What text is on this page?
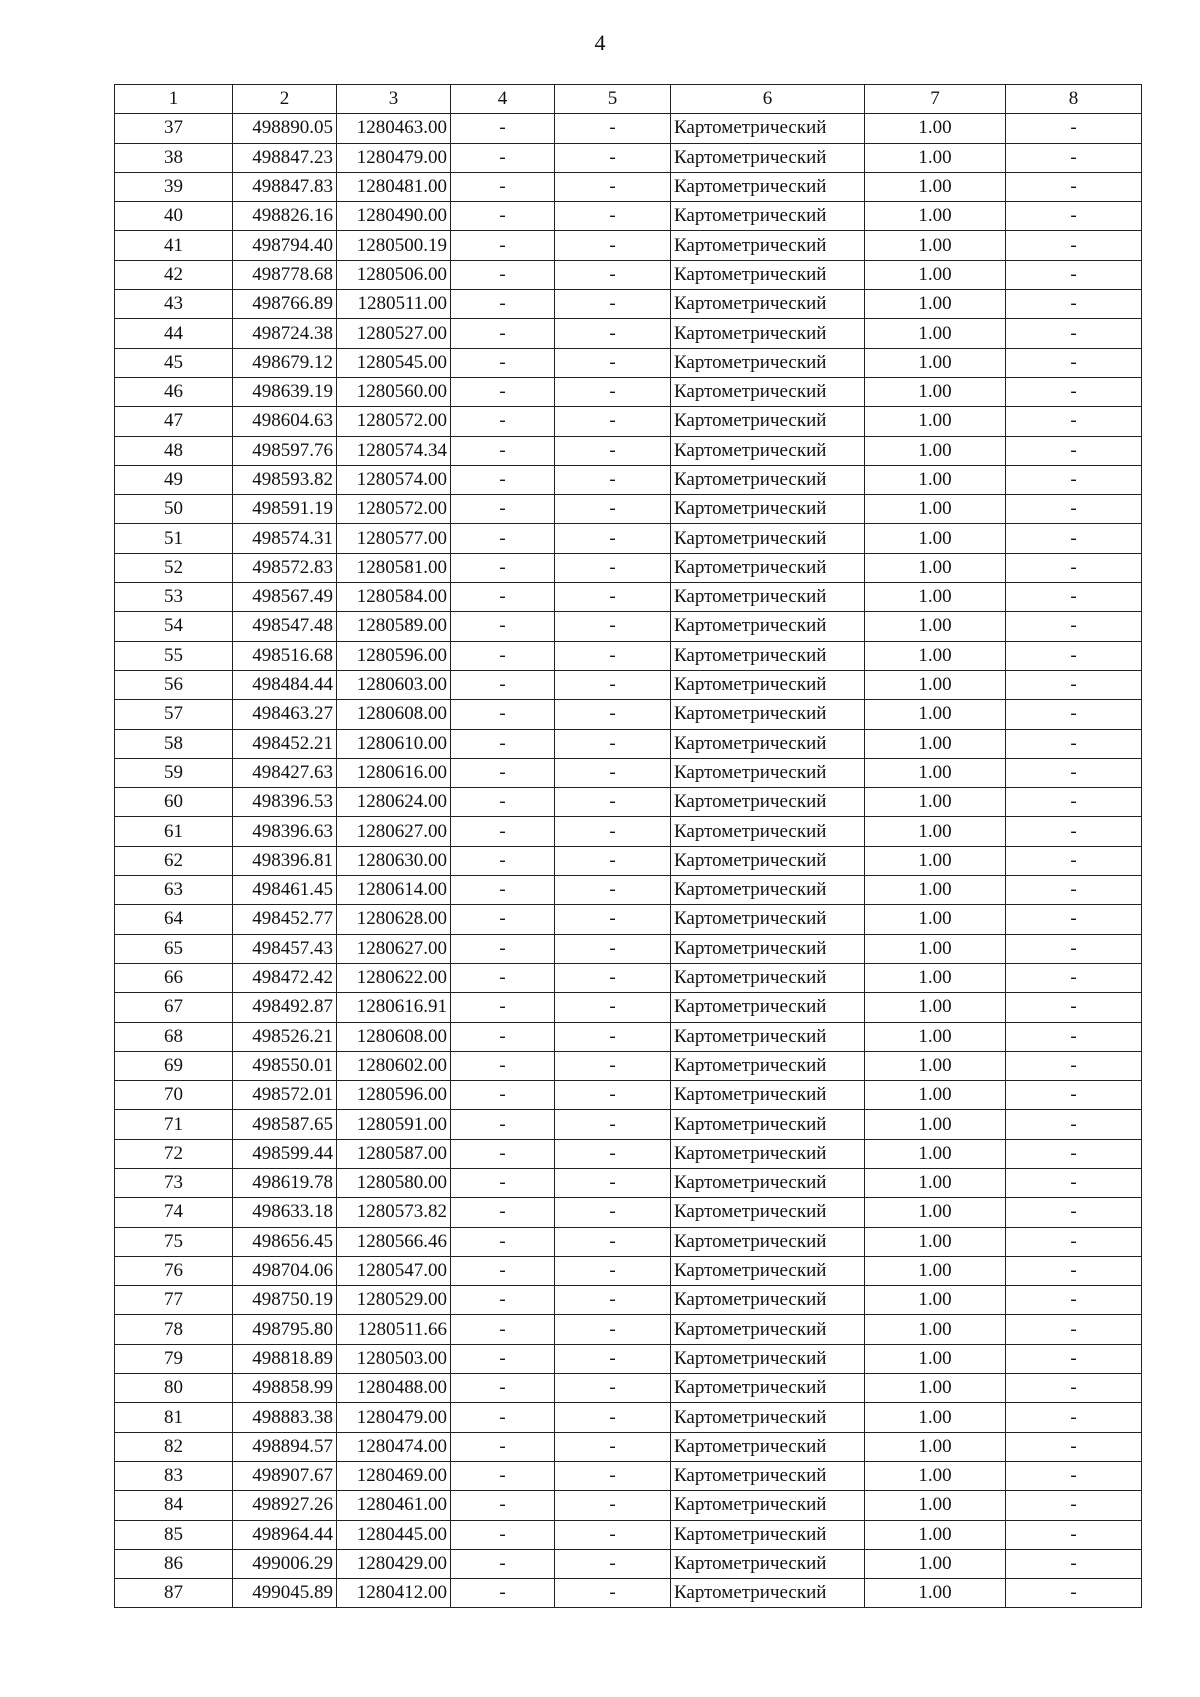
4
1	2	3	4	5	6	7	8
37	498890.05	1280463.00	-	-	Картометрический	1.00	-
38	498847.23	1280479.00	-	-	Картометрический	1.00	-
39	498847.83	1280481.00	-	-	Картометрический	1.00	-
40	498826.16	1280490.00	-	-	Картометрический	1.00	-
41	498794.40	1280500.19	-	-	Картометрический	1.00	-
42	498778.68	1280506.00	-	-	Картометрический	1.00	-
43	498766.89	1280511.00	-	-	Картометрический	1.00	-
44	498724.38	1280527.00	-	-	Картометрический	1.00	-
45	498679.12	1280545.00	-	-	Картометрический	1.00	-
46	498639.19	1280560.00	-	-	Картометрический	1.00	-
47	498604.63	1280572.00	-	-	Картометрический	1.00	-
48	498597.76	1280574.34	-	-	Картометрический	1.00	-
49	498593.82	1280574.00	-	-	Картометрический	1.00	-
50	498591.19	1280572.00	-	-	Картометрический	1.00	-
51	498574.31	1280577.00	-	-	Картометрический	1.00	-
52	498572.83	1280581.00	-	-	Картометрический	1.00	-
53	498567.49	1280584.00	-	-	Картометрический	1.00	-
54	498547.48	1280589.00	-	-	Картометрический	1.00	-
55	498516.68	1280596.00	-	-	Картометрический	1.00	-
56	498484.44	1280603.00	-	-	Картометрический	1.00	-
57	498463.27	1280608.00	-	-	Картометрический	1.00	-
58	498452.21	1280610.00	-	-	Картометрический	1.00	-
59	498427.63	1280616.00	-	-	Картометрический	1.00	-
60	498396.53	1280624.00	-	-	Картометрический	1.00	-
61	498396.63	1280627.00	-	-	Картометрический	1.00	-
62	498396.81	1280630.00	-	-	Картометрический	1.00	-
63	498461.45	1280614.00	-	-	Картометрический	1.00	-
64	498452.77	1280628.00	-	-	Картометрический	1.00	-
65	498457.43	1280627.00	-	-	Картометрический	1.00	-
66	498472.42	1280622.00	-	-	Картометрический	1.00	-
67	498492.87	1280616.91	-	-	Картометрический	1.00	-
68	498526.21	1280608.00	-	-	Картометрический	1.00	-
69	498550.01	1280602.00	-	-	Картометрический	1.00	-
70	498572.01	1280596.00	-	-	Картометрический	1.00	-
71	498587.65	1280591.00	-	-	Картометрический	1.00	-
72	498599.44	1280587.00	-	-	Картометрический	1.00	-
73	498619.78	1280580.00	-	-	Картометрический	1.00	-
74	498633.18	1280573.82	-	-	Картометрический	1.00	-
75	498656.45	1280566.46	-	-	Картометрический	1.00	-
76	498704.06	1280547.00	-	-	Картометрический	1.00	-
77	498750.19	1280529.00	-	-	Картометрический	1.00	-
78	498795.80	1280511.66	-	-	Картометрический	1.00	-
79	498818.89	1280503.00	-	-	Картометрический	1.00	-
80	498858.99	1280488.00	-	-	Картометрический	1.00	-
81	498883.38	1280479.00	-	-	Картометрический	1.00	-
82	498894.57	1280474.00	-	-	Картометрический	1.00	-
83	498907.67	1280469.00	-	-	Картометрический	1.00	-
84	498927.26	1280461.00	-	-	Картометрический	1.00	-
85	498964.44	1280445.00	-	-	Картометрический	1.00	-
86	499006.29	1280429.00	-	-	Картометрический	1.00	-
87	499045.89	1280412.00	-	-	Картометрический	1.00	-
